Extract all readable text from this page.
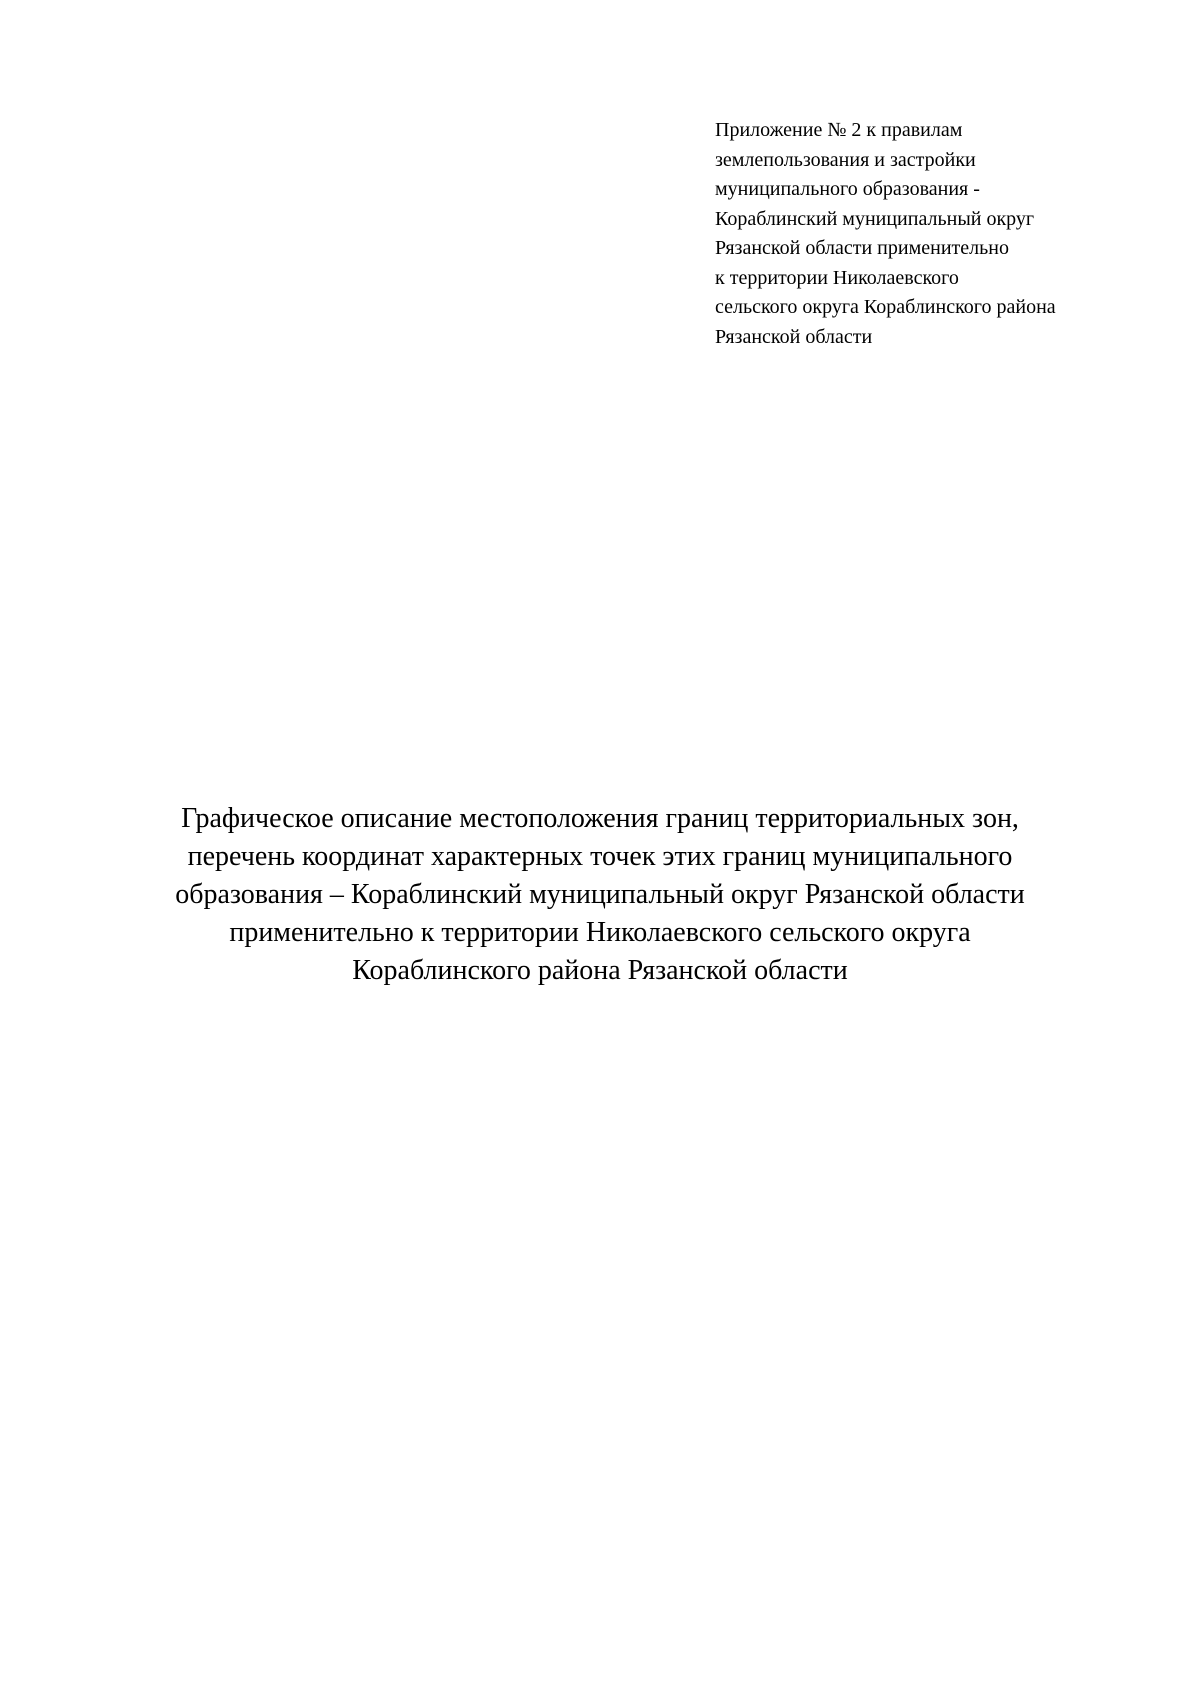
Приложение № 2 к правилам
землепользования и застройки
муниципального образования -
Кораблинский муниципальный округ
Рязанской области применительно
к территории Николаевского
сельского округа Кораблинского района
Рязанской области
Графическое описание местоположения границ территориальных зон,
перечень координат характерных точек этих границ муниципального
образования – Кораблинский муниципальный округ Рязанской области
применительно к территории Николаевского сельского округа
Кораблинского района Рязанской области
